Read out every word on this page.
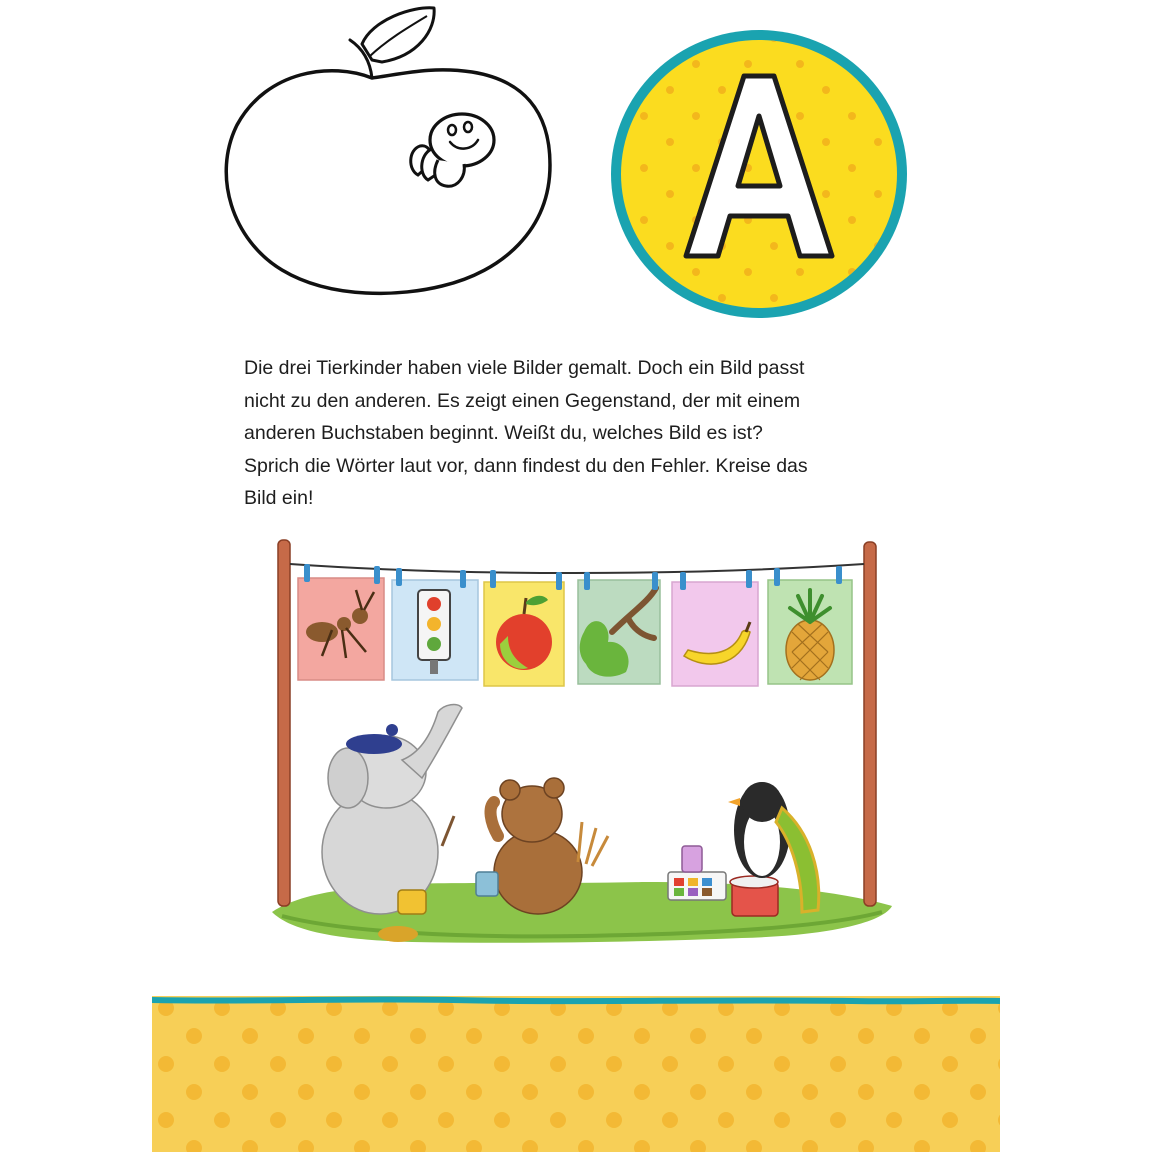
Die drei Tierkinder haben viele Bilder gemalt. Doch ein Bild passt
nicht zu den anderen. Es zeigt einen Gegenstand, der mit einem
anderen Buchstaben beginnt. Weißt du, welches Bild es ist?
Sprich die Wörter laut vor, dann findest du den Fehler. Kreise das
Bild ein!
